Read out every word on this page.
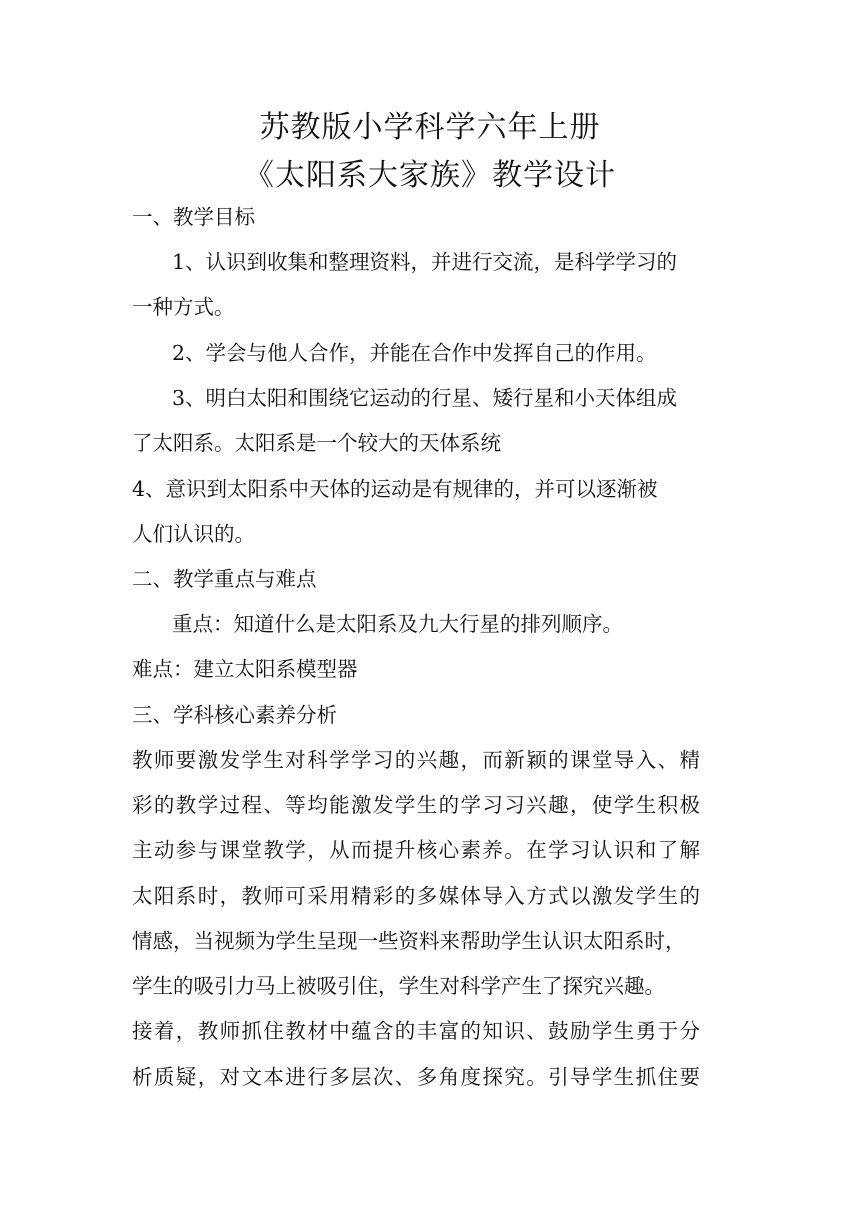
苏教版小学科学六年上册
《太阳系大家族》教学设计
一、教学目标
1、认识到收集和整理资料，并进行交流，是科学学习的
一种方式。
2、学会与他人合作，并能在合作中发挥自己的作用。
3、明白太阳和围绕它运动的行星、矮行星和小天体组成
了太阳系。太阳系是一个较大的天体系统
4、意识到太阳系中天体的运动是有规律的，并可以逐渐被
人们认识的。
二、教学重点与难点
重点：知道什么是太阳系及九大行星的排列顺序。
难点：建立太阳系模型器
三、学科核心素养分析
教师要激发学生对科学学习的兴趣，而新颖的课堂导入、精
彩的教学过程、等均能激发学生的学习习兴趣，使学生积极
主动参与课堂教学，从而提升核心素养。在学习认识和了解
太阳系时，教师可采用精彩的多媒体导入方式以激发学生的
情感，当视频为学生呈现一些资料来帮助学生认识太阳系时，
学生的吸引力马上被吸引住，学生对科学产生了探究兴趣。
接着，教师抓住教材中蕴含的丰富的知识、鼓励学生勇于分
析质疑，对文本进行多层次、多角度探究。引导学生抓住要
